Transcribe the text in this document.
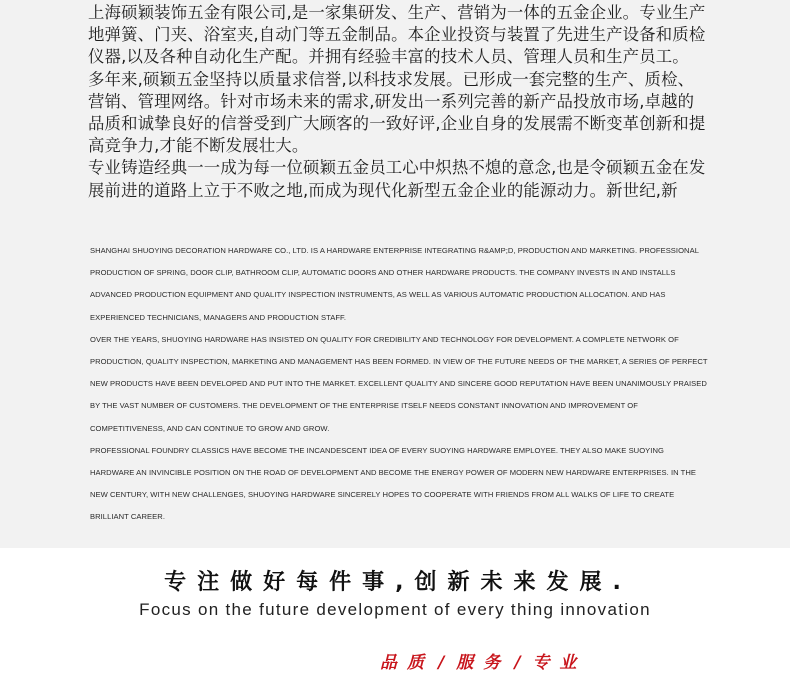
上海硕颖装饰五金有限公司,是一家集研发、生产、营销为一体的五金企业。专业生产地弹簧、门夹、浴室夹,自动门等五金制品。本企业投资与装置了先进生产设备和质检仪器,以及各种自动化生产配。并拥有经验丰富的技术人员、管理人员和生产员工。

多年来,硕颖五金坚持以质量求信誉,以科技求发展。已形成一套完整的生产、质检、营销、管理网络。针对市场未来的需求,研发出一系列完善的新产品投放市场,卓越的品质和诚挚良好的信誉受到广大顾客的一致好评,企业自身的发展需不断变革创新和提高竞争力,才能不断发展壮大。

专业铸造经典一一成为每一位硕颖五金员工心中炽热不熄的意念,也是令硕颖五金在发展前进的道路上立于不败之地,而成为现代化新型五金企业的能源动力。新世纪,新

SHANGHAI SHUOYING DECORATION HARDWARE CO., LTD. IS A HARDWARE ENTERPRISE INTEGRATING R&AMP;D, PRODUCTION AND MARKETING. PROFESSIONAL PRODUCTION OF SPRING, DOOR CLIP, BATHROOM CLIP, AUTOMATIC DOORS AND OTHER HARDWARE PRODUCTS. THE COMPANY INVESTS IN AND INSTALLS ADVANCED PRODUCTION EQUIPMENT AND QUALITY INSPECTION INSTRUMENTS, AS WELL AS VARIOUS AUTOMATIC PRODUCTION ALLOCATION. AND HAS EXPERIENCED TECHNICIANS, MANAGERS AND PRODUCTION STAFF.

OVER THE YEARS, SHUOYING HARDWARE HAS INSISTED ON QUALITY FOR CREDIBILITY AND TECHNOLOGY FOR DEVELOPMENT. A COMPLETE NETWORK OF PRODUCTION, QUALITY INSPECTION, MARKETING AND MANAGEMENT HAS BEEN FORMED. IN VIEW OF THE FUTURE NEEDS OF THE MARKET, A SERIES OF PERFECT NEW PRODUCTS HAVE BEEN DEVELOPED AND PUT INTO THE MARKET. EXCELLENT QUALITY AND SINCERE GOOD REPUTATION HAVE BEEN UNANIMOUSLY PRAISED BY THE VAST NUMBER OF CUSTOMERS. THE DEVELOPMENT OF THE ENTERPRISE ITSELF NEEDS CONSTANT INNOVATION AND IMPROVEMENT OF COMPETITIVENESS, AND CAN CONTINUE TO GROW AND GROW.

PROFESSIONAL FOUNDRY CLASSICS HAVE BECOME THE INCANDESCENT IDEA OF EVERY SUOYING HARDWARE EMPLOYEE. THEY ALSO MAKE SUOYING HARDWARE AN INVINCIBLE POSITION ON THE ROAD OF DEVELOPMENT AND BECOME THE ENERGY POWER OF MODERN NEW HARDWARE ENTERPRISES. IN THE NEW CENTURY, WITH NEW CHALLENGES, SHUOYING HARDWARE SINCERELY HOPES TO COOPERATE WITH FRIENDS FROM ALL WALKS OF LIFE TO CREATE BRILLIANT CAREER.

专注做好每件事,创新未来发展.
Focus on the future development of every thing innovation
品质 / 服务 / 专业
